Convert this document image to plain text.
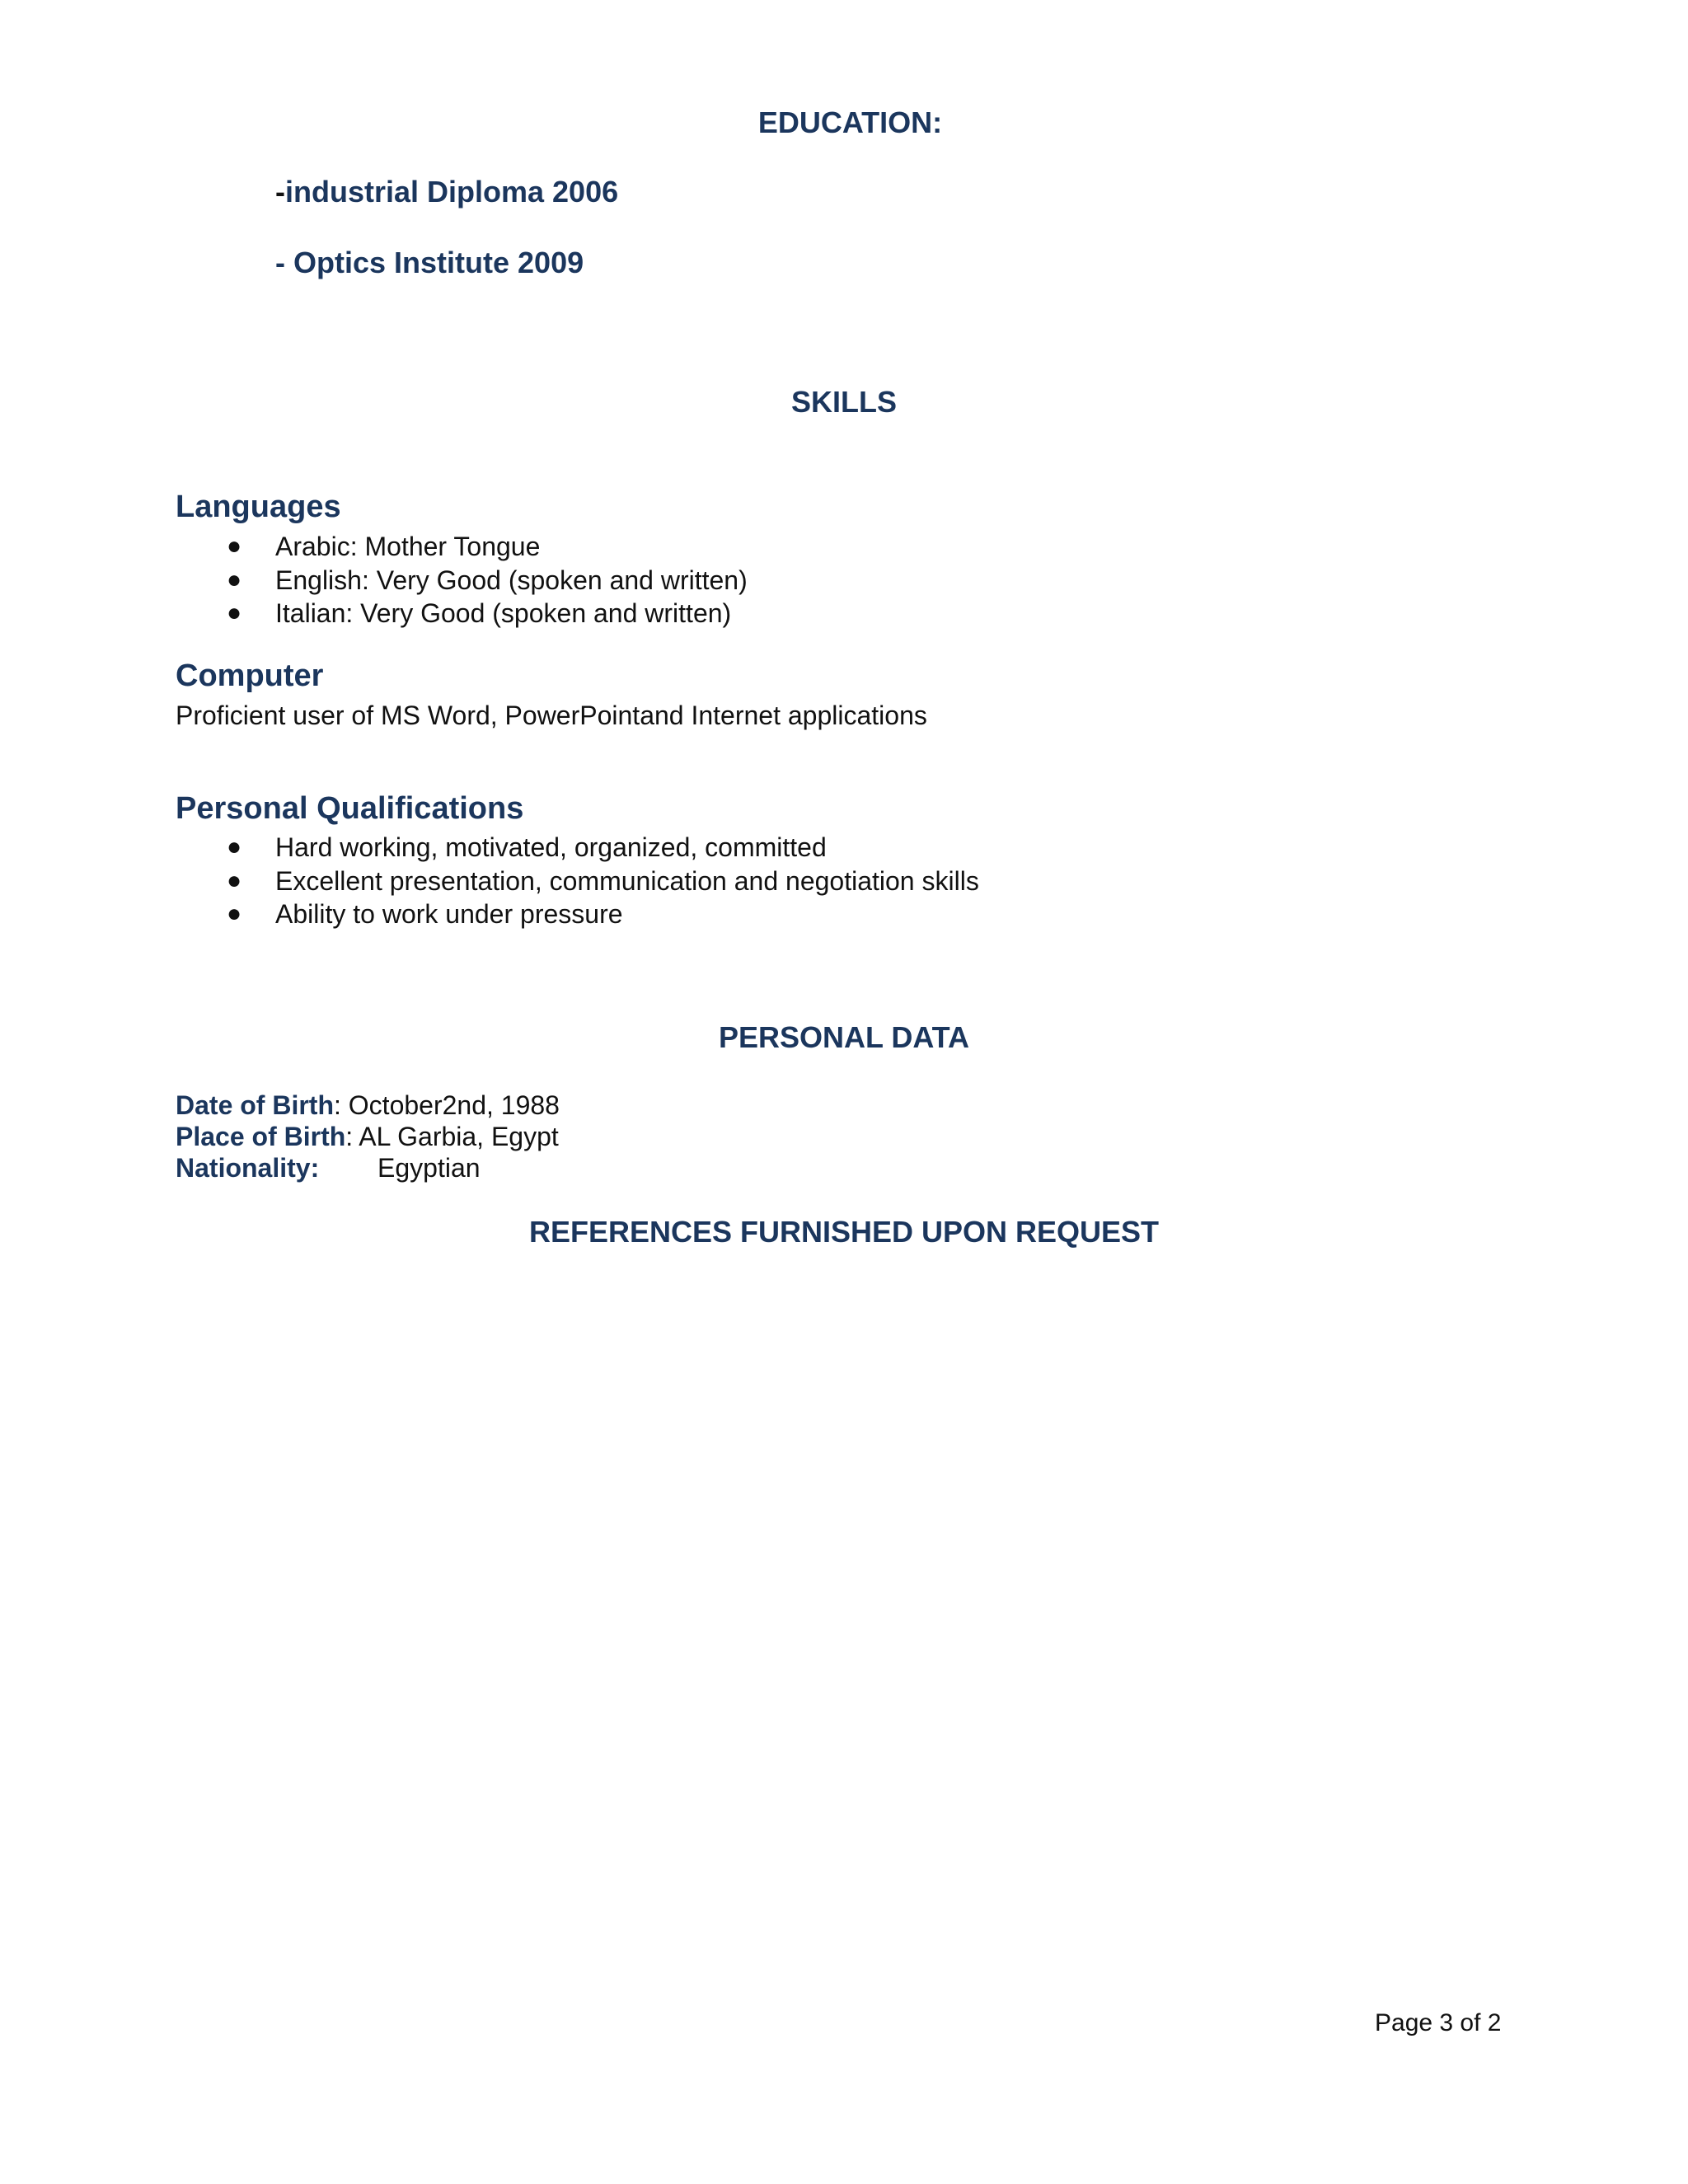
EDUCATION:
-industrial Diploma 2006
- Optics Institute 2009
SKILLS
Languages
● Arabic: Mother Tongue
● English: Very Good (spoken and written)
● Italian: Very Good (spoken and written)
Computer
Proficient user of MS Word, PowerPointand Internet applications
Personal Qualifications
● Hard working, motivated, organized, committed
● Excellent presentation, communication and negotiation skills
● Ability to work under pressure
PERSONAL DATA
Date of Birth: October2nd, 1988
Place of Birth: AL Garbia, Egypt
Nationality: Egyptian
REFERENCES FURNISHED UPON REQUEST
Page 3 of 2
